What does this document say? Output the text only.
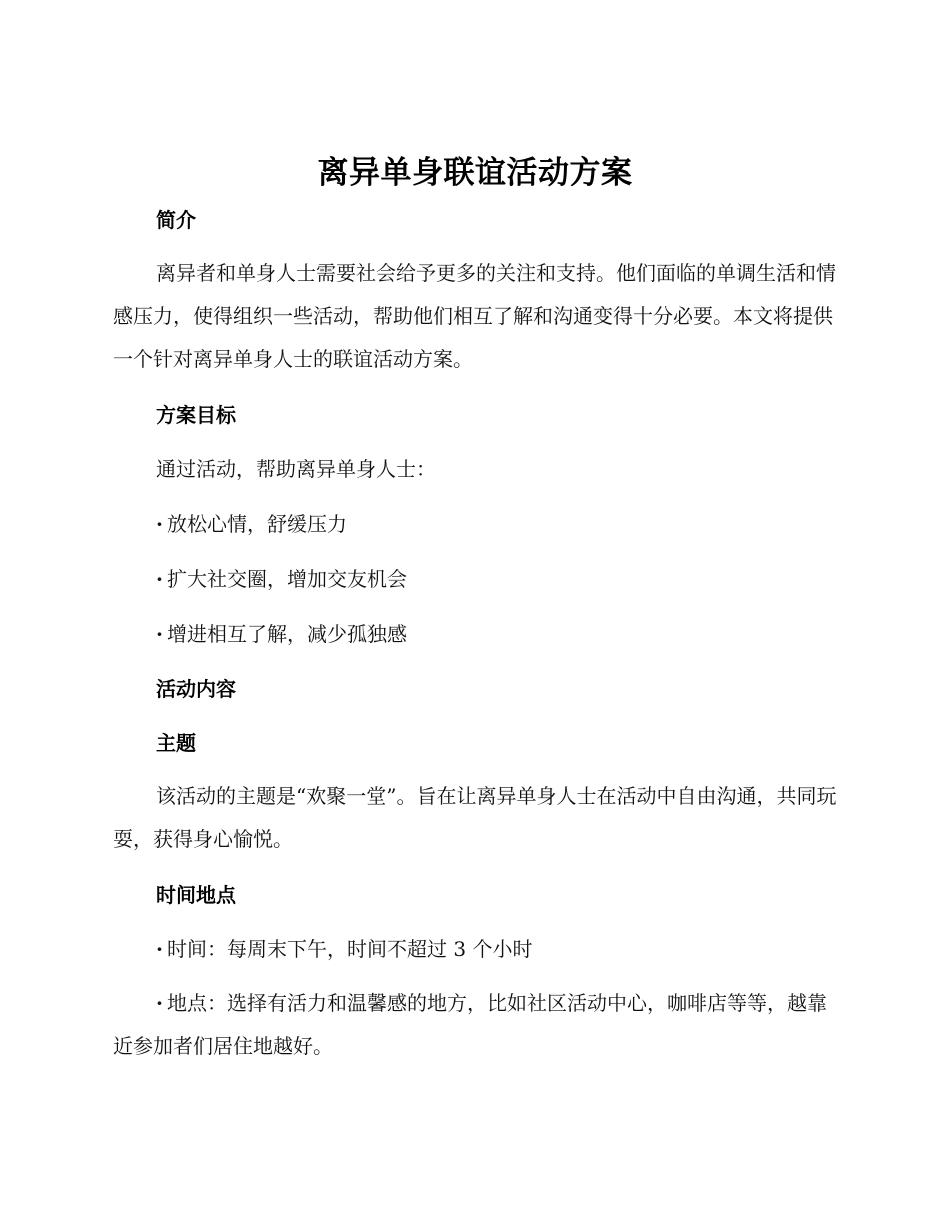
离异单身联谊活动方案
简介

离异者和单身人士需要社会给予更多的关注和支持。他们面临的单调生活和情感压力，使得组织一些活动，帮助他们相互了解和沟通变得十分必要。本文将提供一个针对离异单身人士的联谊活动方案。

方案目标
通过活动，帮助离异单身人士：
· 放松心情，舒缓压力
· 扩大社交圈，增加交友机会
· 增进相互了解，减少孤独感
活动内容
主题

该活动的主题是“欢聚一堂”。旨在让离异单身人士在活动中自由沟通，共同玩耍，获得身心愉悦。

时间地点
· 时间：每周末下午，时间不超过 3 个小时

· 地点：选择有活力和温馨感的地方，比如社区活动中心，咖啡店等等，越靠近参加者们居住地越好。
